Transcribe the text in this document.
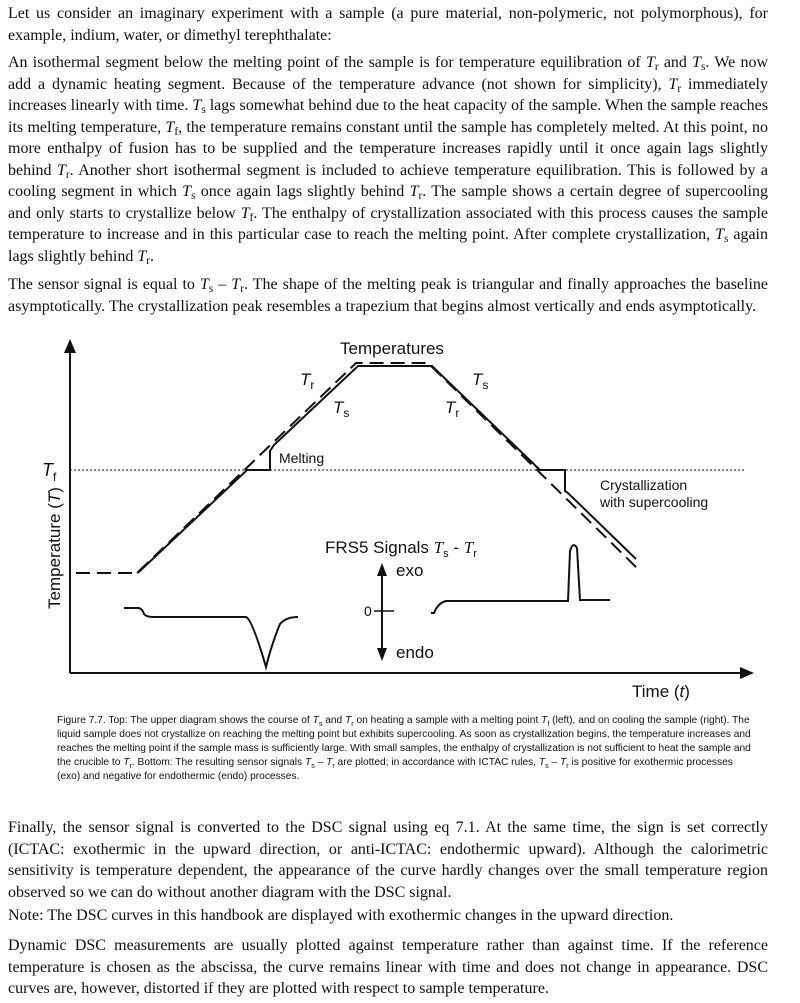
Let us consider an imaginary experiment with a sample (a pure material, non-polymeric, not polymorphous), for example, indium, water, or dimethyl terephthalate:

An isothermal segment below the melting point of the sample is for temperature equilibration of $T_r$ and $T_s$. We now add a dynamic heating segment. Because of the temperature advance (not shown for simplicity), $T_r$ immediately increases linearly with time. $T_s$ lags somewhat behind due to the heat capacity of the sample. When the sample reaches its melting temperature, $T_f$, the temperature remains constant until the sample has completely melted. At this point, no more enthalpy of fusion has to be supplied and the temperature increases rapidly until it once again lags slightly behind $T_r$. Another short isothermal segment is included to achieve temperature equilibration. This is followed by a cooling segment in which $T_s$ once again lags slightly behind $T_r$. The sample shows a certain degree of supercooling and only starts to crystallize below $T_f$. The enthalpy of crystallization associated with this process causes the sample temperature to increase and in this particular case to reach the melting point. After complete crystallization, $T_s$ again lags slightly behind $T_r$.

The sensor signal is equal to $T_s - T_r$. The shape of the melting peak is triangular and finally approaches the baseline asymptotically. The crystallization peak resembles a trapezium that begins almost vertically and ends asymptotically.

Temperatures
$T_r$
$T_s$
$T_s$
$T_r$
$T_f$
Melting
Crystallization
with supercooling
Temperature (T)
FRS5 Signals $T_s - T_r$
0
exo
endo
Time (t)

Figure 7.7. Top: The upper diagram shows the course of $T_s$ and $T_r$ on heating a sample with a melting point $T_f$ (left), and on cooling the sample (right). The liquid sample does not crystallize on reaching the melting point but exhibits supercooling. As soon as crystallization begins, the temperature increases and reaches the melting point if the sample mass is sufficiently large. With small samples, the enthalpy of crystallization is not sufficient to heat the sample and the crucible to $T_r$. Bottom: The resulting sensor signals $T_s - T_r$ are plotted; in accordance with ICTAC rules, $T_s - T_r$ is positive for exothermic processes (exo) and negative for endothermic (endo) processes.

Finally, the sensor signal is converted to the DSC signal using eq 7.1. At the same time, the sign is set correctly (ICTAC: exothermic in the upward direction, or anti-ICTAC: endothermic upward). Although the calorimetric sensitivity is temperature dependent, the appearance of the curve hardly changes over the small temperature region observed so we can do without another diagram with the DSC signal.

Note: The DSC curves in this handbook are displayed with exothermic changes in the upward direction.

Dynamic DSC measurements are usually plotted against temperature rather than against time. If the reference temperature is chosen as the abscissa, the curve remains linear with time and does not change in appearance. DSC curves are, however, distorted if they are plotted with respect to sample temperature.
